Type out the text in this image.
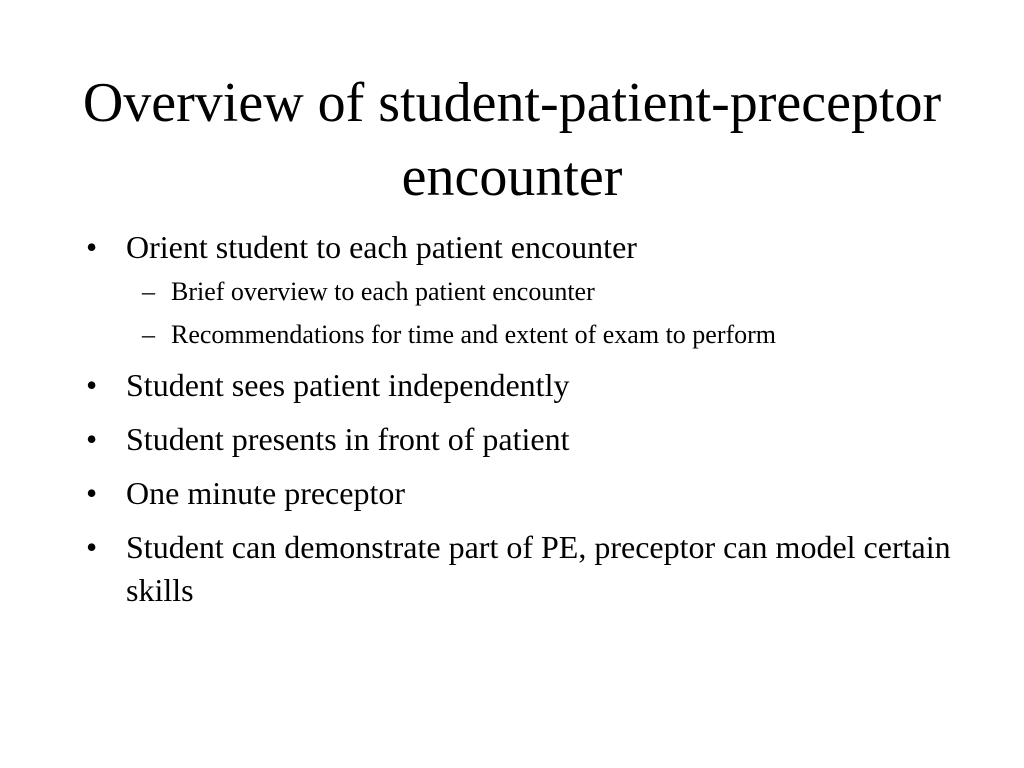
Overview of student-patient-preceptor encounter
• Orient student to each patient encounter
– Brief overview to each patient encounter
– Recommendations for time and extent of exam to perform
• Student sees patient independently
• Student presents in front of patient
• One minute preceptor
• Student can demonstrate part of PE, preceptor can model certain skills
